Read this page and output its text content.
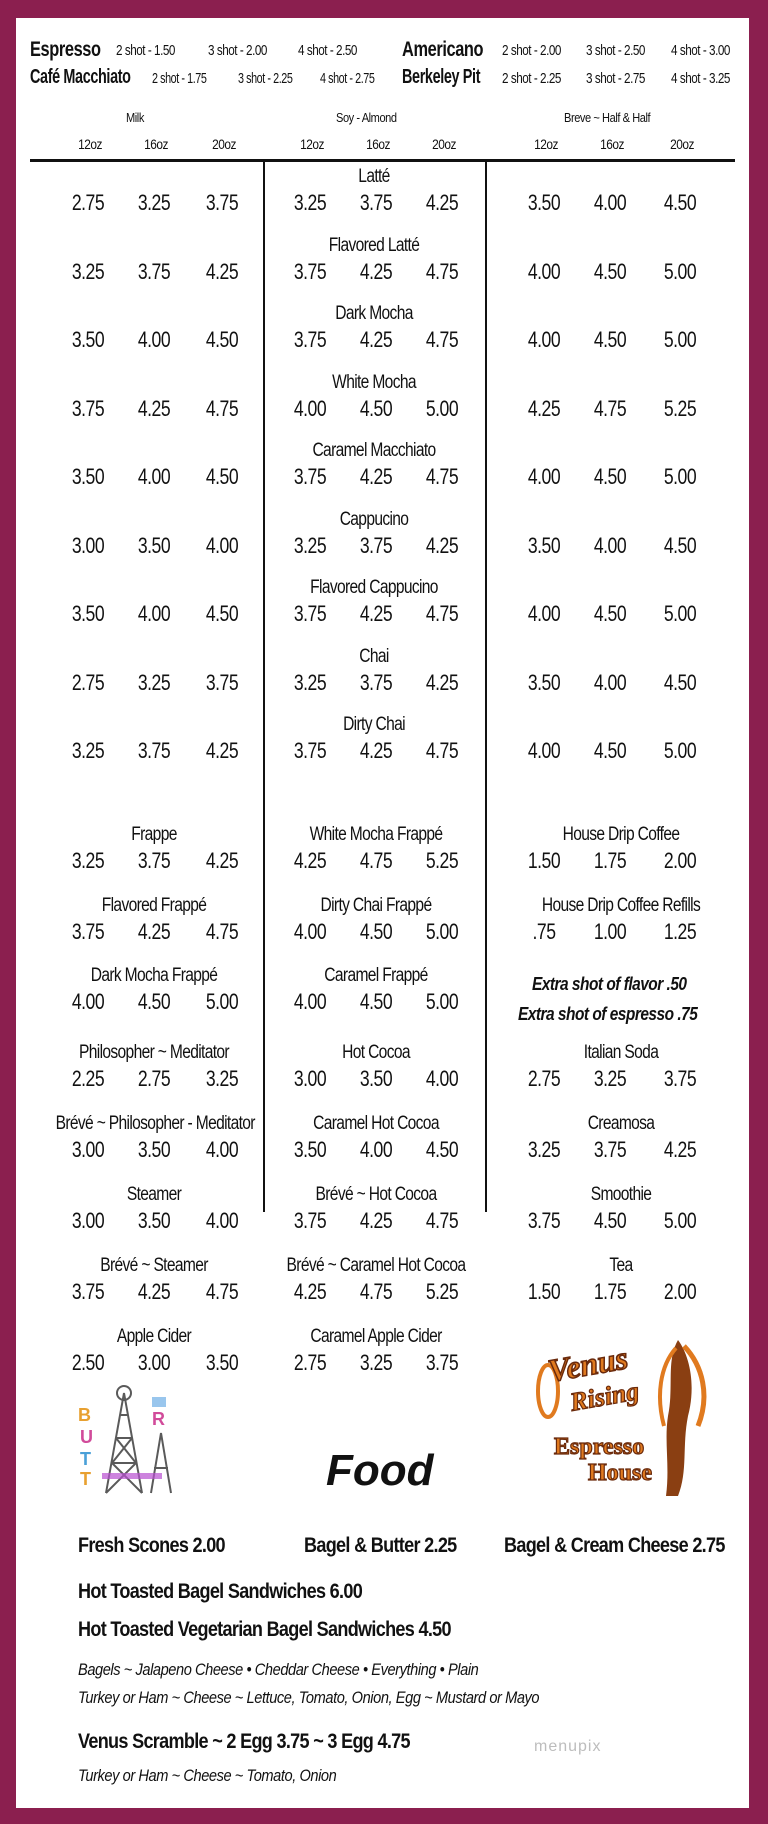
Espresso 2 shot - 1.50 3 shot - 2.00 4 shot - 2.50 Americano 2 shot - 2.00 3 shot - 2.50 4 shot - 3.00
Café Macchiato 2 shot - 1.75 3 shot - 2.25 4 shot - 2.75 Berkeley Pit 2 shot - 2.25 3 shot - 2.75 4 shot - 3.25
Milk	Soy - Almond	Breve ~ Half & Half
Extra shot of flavor .50
Extra shot of espresso .75
B
U
T
T
R
Venus
Rising
Espresso
House
Food
Fresh Scones 2.00	Bagel & Butter 2.25 Bagel & Cream Cheese 2.75
Hot Toasted Bagel Sandwiches 6.00
Hot Toasted Vegetarian Bagel Sandwiches 4.50
Bagels ~ Jalapeno Cheese • Cheddar Cheese • Everything • Plain
Turkey or Ham ~ Cheese ~ Lettuce, Tomato, Onion, Egg ~ Mustard or Mayo
Venus Scramble ~ 2 Egg 3.75 ~ 3 Egg 4.75
Turkey or Ham ~ Cheese ~ Tomato, Onion
menupix
12oz	16oz	20oz	12oz	16oz	20oz	12oz	16oz	20oz
Latté
2.75	3.25	3.75	3.25	3.75	4.25	3.50	4.00	4.50
Flavored Latté
3.25	3.75	4.25	3.75	4.25	4.75	4.00	4.50	5.00
Dark Mocha
3.50	4.00	4.50	3.75	4.25	4.75	4.00	4.50	5.00
White Mocha
3.75	4.25	4.75	4.00	4.50	5.00	4.25	4.75	5.25
Caramel Macchiato
3.50	4.00	4.50	3.75	4.25	4.75	4.00	4.50	5.00
Cappucino
3.00	3.50	4.00	3.25	3.75	4.25	3.50	4.00	4.50
Flavored Cappucino
3.50	4.00	4.50	3.75	4.25	4.75	4.00	4.50	5.00
Chai
2.75	3.25	3.75	3.25	3.75	4.25	3.50	4.00	4.50
Dirty Chai
3.25	3.75	4.25	3.75	4.25	4.75	4.00	4.50	5.00
Frappe
3.25	3.75	4.25
Flavored Frappé
3.75	4.25	4.75
Dark Mocha Frappé
4.00	4.50	5.00
White Mocha Frappé
4.25	4.75	5.25
Dirty Chai Frappé
4.00	4.50	5.00
Caramel Frappé
4.00	4.50	5.00
House Drip Coffee
1.50	1.75	2.00
House Drip Coffee Refills
.75	1.00	1.25
Philosopher ~ Meditator
2.25	2.75	3.25
Brévé ~ Philosopher - Meditator
3.00	3.50	4.00
Steamer
3.00	3.50	4.00
Brévé ~ Steamer
3.75	4.25	4.75
Apple Cider
2.50	3.00	3.50
Hot Cocoa
3.00	3.50	4.00
Caramel Hot Cocoa
3.50	4.00	4.50
Brévé ~ Hot Cocoa
3.75	4.25	4.75
Brévé ~ Caramel Hot Cocoa
4.25	4.75	5.25
Caramel Apple Cider
2.75	3.25	3.75
Italian Soda
2.75	3.25	3.75
Creamosa
3.25	3.75	4.25
Smoothie
3.75	4.50	5.00
Tea
1.50	1.75	2.00
